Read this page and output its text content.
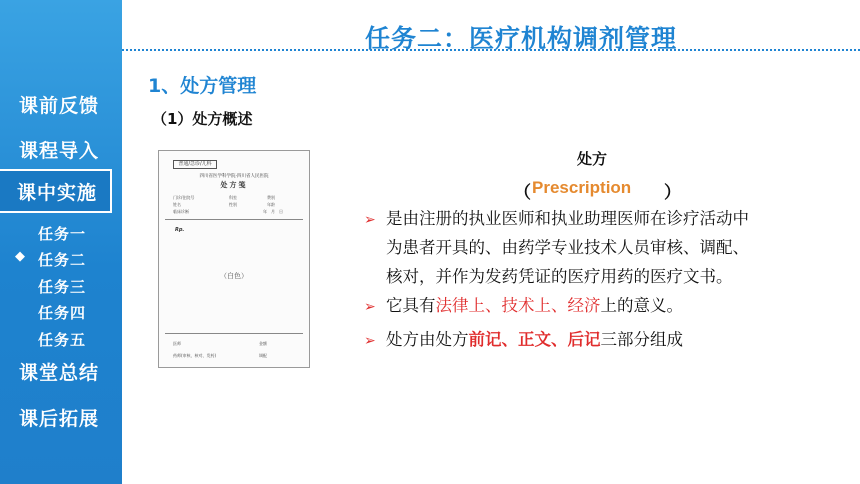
课前反馈
课程导入
课中实施
任务一
◆ 任务二
任务三
任务四
任务五
课堂总结
课后拓展
任务二：医疗机构调剂管理
1、处方管理
（1）处方概述
普通/急诊/儿科
四川省医学科学院·四川省人民医院
处方笺
门诊/住院号	科室	费别
姓名	性别	年龄
临床诊断	年　月　日
Rp.
（白色）
医师	金额
药师(审核、核对、发药)	调配
处方
（ Prescription ）
➢ 是由注册的执业医师和执业助理医师在诊疗活动中
为患者开具的、由药学专业技术人员审核、调配、
核对，并作为发药凭证的医疗用药的医疗文书。
➢ 它具有法律上、技术上、经济上的意义。
➢ 处方由处方前记、正文、后记三部分组成
